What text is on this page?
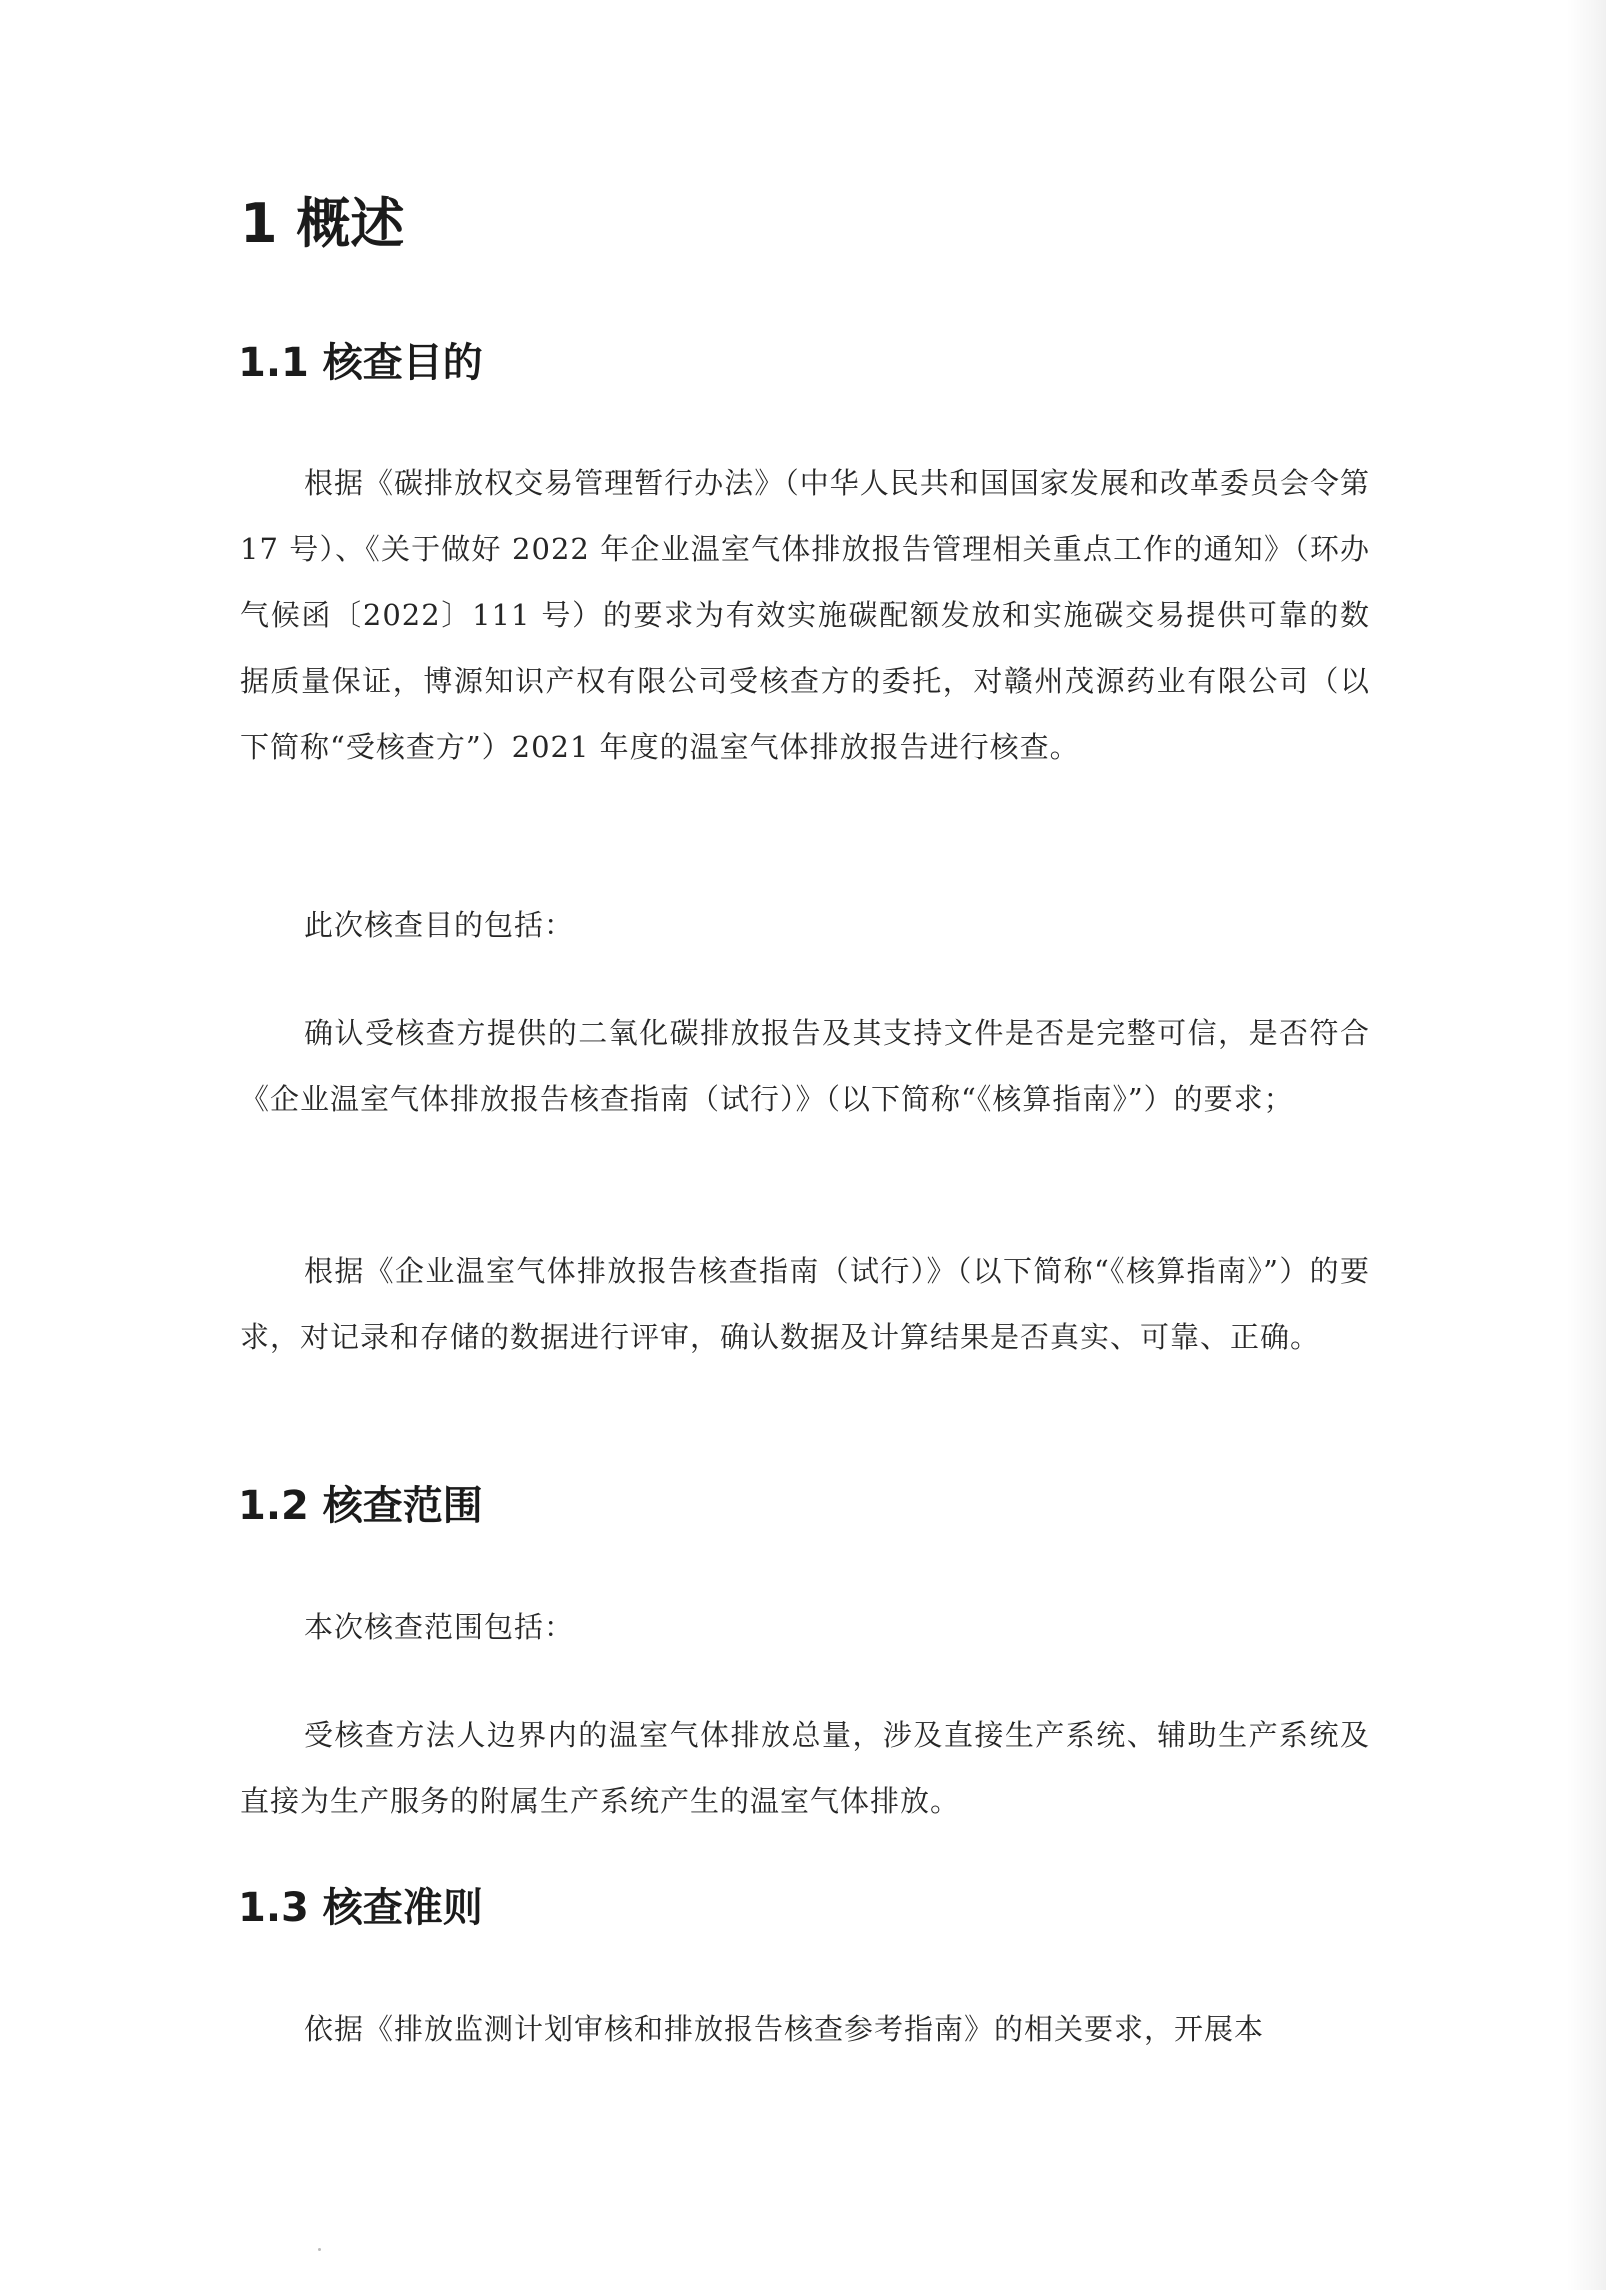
1 概述
1.1 核查目的

根据《碳排放权交易管理暂行办法》（中华人民共和国国家发展和改革委员会令第 17 号）、《关于做好 2022 年企业温室气体排放报告管理相关重点工作的通知》（环办气候函〔2022〕111 号）的要求为有效实施碳配额发放和实施碳交易提供可靠的数据质量保证，博源知识产权有限公司受核查方的委托，对赣州茂源药业有限公司（以下简称“受核查方”）2021 年度的温室气体排放报告进行核查。

此次核查目的包括：

确认受核查方提供的二氧化碳排放报告及其支持文件是否是完整可信，是否符合《企业温室气体排放报告核查指南（试行）》（以下简称“《核算指南》”）的要求；

根据《企业温室气体排放报告核查指南（试行）》（以下简称“《核算指南》”）的要求，对记录和存储的数据进行评审，确认数据及计算结果是否真实、可靠、正确。

1.2 核查范围

本次核查范围包括：

受核查方法人边界内的温室气体排放总量，涉及直接生产系统、辅助生产系统及直接为生产服务的附属生产系统产生的温室气体排放。

1.3 核查准则

依据《排放监测计划审核和排放报告核查参考指南》的相关要求，开展本
